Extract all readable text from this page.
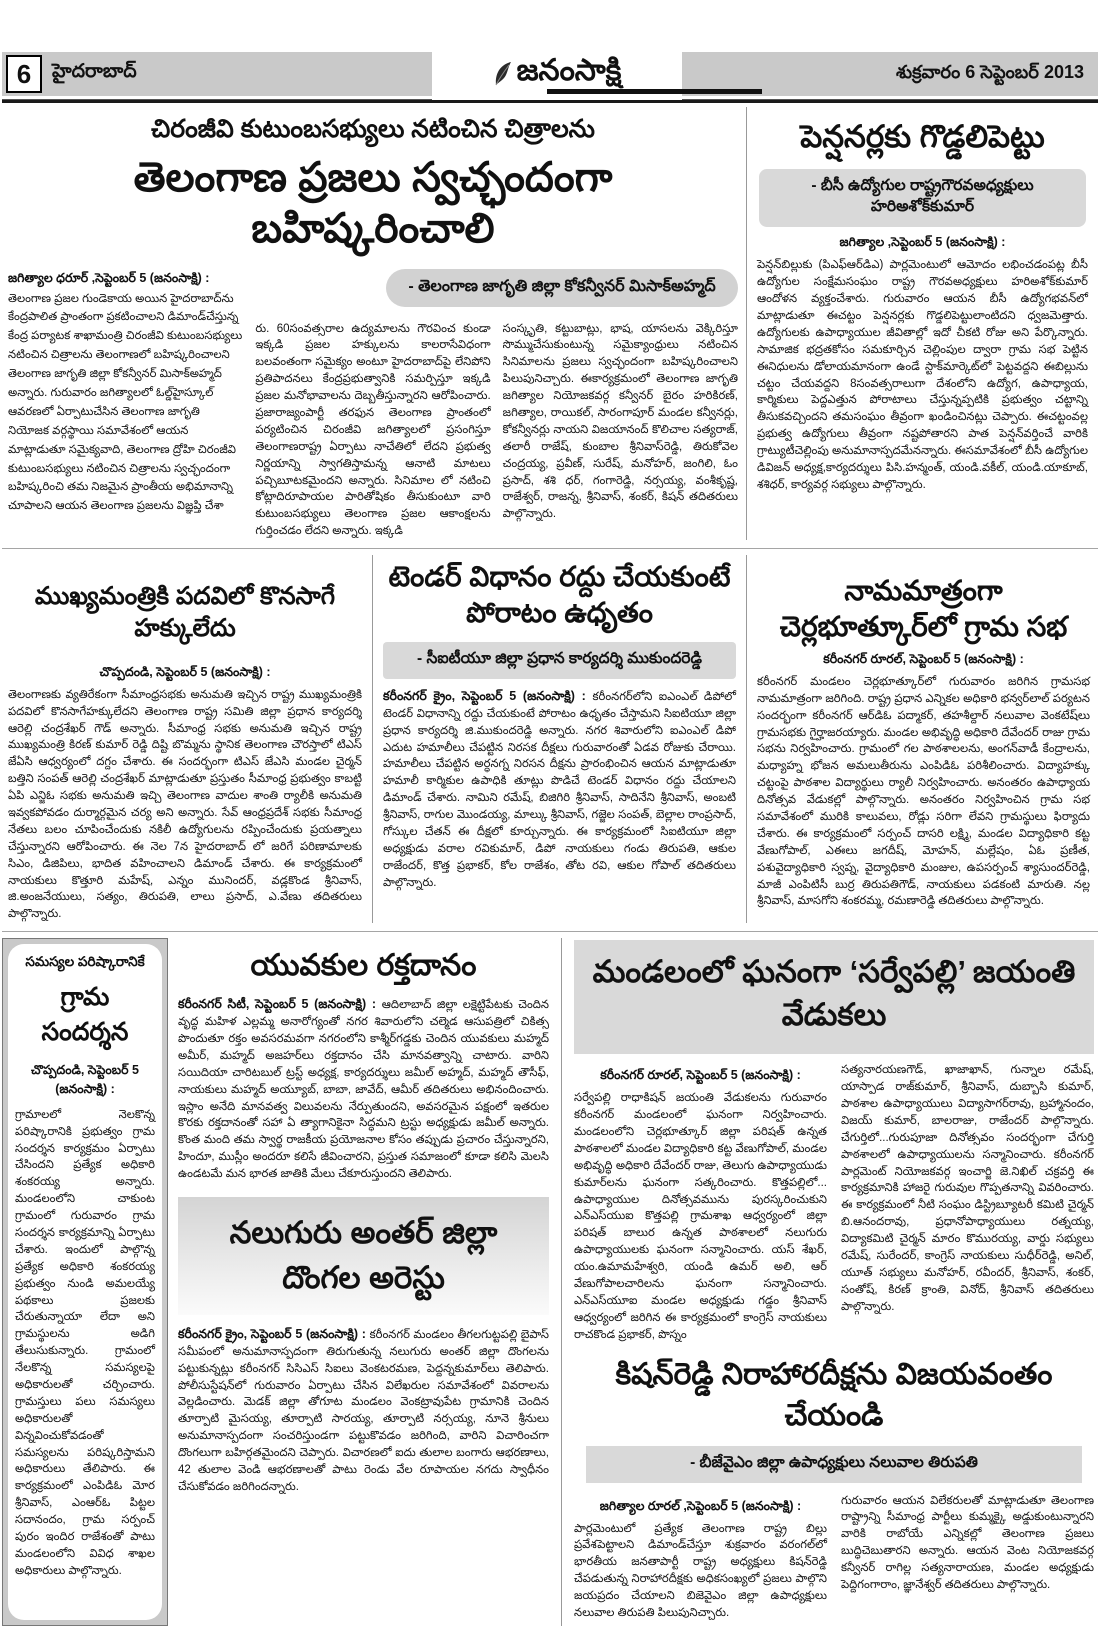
6	హైదరాబాద్	జనంసాక్షి	శుక్రవారం 6 సెప్టెంబర్ 2013
చిరంజీవి కుటుంబసభ్యులు నటించిన చిత్రాలను
తెలంగాణ ప్రజలు స్వచ్ఛందంగా బహిష్కరించాలి
- తెలంగాణ జాగృతి జిల్లా కోకన్వీనర్ మిసాక్‌అహ్మద్
జగిత్యాల ధరూర్ ,సెప్టెంబర్ 5 (జనంసాక్షి) : తెలంగాణ ప్రజల గుండెకాయ అయిన హైదరాబాద్‌ను కేంద్రపాలిత ప్రాంతంగా ప్రకటించాలని డిమాండ్‌చేస్తున్న కేంద్ర పర్యాటక శాఖామంత్రి చిరంజీవి కుటుంబసభ్యులు నటించిన చిత్రాలను తెలంగాణలో బహిష్కరించాలని తెలంగాణ జాగృతి జిల్లా కోకన్వీనర్ మిసాక్‌అహ్మద్ అన్నారు. గురువారం జగిత్యాలలో ఓల్డ్‌హైస్కూల్ ఆవరణలో ఏర్పాటుచేసిన తెలంగాణ జాగృతి నియోజక వర్గస్థాయి సమావేశంలో ఆయన మాట్లాడుతూ సమైక్యవాది, తెలంగాణ ద్రోహి చిరంజీవి కుటుంబసభ్యులు నటించిన చిత్రాలను స్వచ్ఛందంగా బహిష్కరించి తమ నిజమైన ప్రాంతీయ అభిమానాన్ని చూపాలని ఆయన తెలంగాణ ప్రజలను విజ్ఞప్తి చేశా
రు. 60సంవత్సరాల ఉద్యమాలను గౌరవించ కుండా ఇక్కడి ప్రజల హక్కులను కాలరాసేవిధంగా బలవంతంగా సమైక్యం అంటూ హైదరాబాద్‌పై లేనిపోని ప్రతిపాదనలు కేంద్రప్రభుత్వానికి సమర్పిస్తూ ఇక్కడి ప్రజల మనోభావాలను దెబ్బతీస్తున్నారని ఆరోపించారు. ప్రజారాజ్యంపార్టీ తరఫున తెలంగాణ ప్రాంతంలో పర్యటించిన చిరంజీవి జగిత్యాలలో ప్రసంగిస్తూ తెలంగాణరాష్ట్ర ఏర్పాటు నాచేతిలో లేదని ప్రభుత్వ నిర్ణయాన్ని స్వాగతిస్తామన్న ఆనాటి మాటలు పచ్చిబూటకమైందని అన్నారు. సినిమాల లో నటించి కోట్లాదిరూపాయల పారితోషికం తీసుకుంటూ వారి కుటుంబసభ్యులు తెలంగాణ ప్రజల ఆకాంక్షలను గుర్తించడం లేదని అన్నారు. ఇక్కడి
సంస్కృతి, కట్టుబాట్లు, భాష, యాసలను వెక్కిరిస్తూ సొమ్ముచేసుకుంటున్న సమైక్యాంధ్రులు నటించిన సినిమాలను ప్రజలు స్వచ్ఛందంగా బహిష్కరించాలని పిలుపునిచ్చారు. ఈకార్యక్రమంలో తెలంగాణ జాగృతి జగిత్యాల నియోజకవర్గ కన్వీనర్ బైరం హరికిరణ్, జగిత్యాల, రాయికల్, సారంగాపూర్ మండల కన్వీనర్లు, కోకన్వీనర్లు నాయని విజయానంద్ కొలిచాల సత్యరాజ్, తలారీ రాజేష్, కుంబాల శ్రీనివాస్‌రెడ్డి, తిరుకోవెల చంద్రయ్య, ప్రవీణ్, సురేష్, మనోహర్, జంగిలి, ఓం ప్రసాద్, శశి ధర్, గంగారెడ్డి, నర్సయ్య, వంశీకృష్ణ, రాజేశ్వర్, రాజన్న, శ్రీనివాస్, శంకర్, కిషన్ తదితరులు పాల్గొన్నారు.
పెన్షనర్లకు గొడ్డలిపెట్టు
- బీసీ ఉద్యోగుల రాష్ట్రగౌరవఅధ్యక్షులు హరిఅశోక్‌కుమార్
జగిత్యాల ,సెప్టెంబర్ 5 (జనంసాక్షి) :
పెన్షన్‌బిల్లుకు (పిఎఫ్ఆర్‌డిఎ) పార్లమెంటులో ఆమోదం లభించడంపట్ల బీసీ ఉద్యోగుల సంక్షేమసంఘం రాష్ట్ర గౌరవఅధ్యక్షులు హరిఅశోక్‌కుమార్ ఆందోళన వ్యక్తంచేశారు. గురువారం ఆయన బీసీ ఉద్యోగభవన్‌లో మాట్లాడుతూ ఈచట్టం పెన్షనర్లకు గొడ్డలిపెట్టులాంటిదని ధ్వజమెత్తారు. ఉద్యోగులకు ఉపాధ్యాయుల జీవితాల్లో ఇదో చీకటి రోజు అని పేర్కొన్నారు. సామాజిక భద్రతకోసం సమకూర్చిన చెల్లింపుల ద్వారా గ్రామ సభ పెట్టిన ఈనిధులను డోలాయమానంగా ఉండే స్టాక్‌మార్కెట్‌లో పెట్టవద్దని ఈబిల్లును చట్టం చేయవద్దని 8సంవత్సరాలుగా దేశంలోని ఉద్యోగ, ఉపాధ్యాయ, కార్మికులు పెద్దఎత్తున పోరాటాలు చేస్తున్నప్పటికి ప్రభుత్వం చట్టాన్ని తీసుకవచ్చిందని తమసంఘం తీవ్రంగా ఖండించినట్లు చెప్పారు. ఈచట్టంవల్ల ప్రభుత్వ ఉద్యోగులు తీవ్రంగా నష్టపోతారని పాత పెన్షన్‌వర్తించే వారికి గ్రాట్యుటీచెల్లింపు అనుమానాస్పదమేనన్నారు. ఈసమావేశంలో బీసీ ఉద్యోగుల డివిజన్ అధ్యక్ష,కార్యదర్శులు పిసి.హన్మంత్, యండి.వకీల్, యండి.యాకూబ్, శశిధర్, కార్యవర్గ సభ్యులు పాల్గొన్నారు.
ముఖ్యమంత్రికి పదవిలో కొనసాగే హక్కులేదు
చొప్పదండి, సెప్టెంబర్ 5 (జనంసాక్షి) :
తెలంగాణకు వ్యతిరేకంగా సీమాంధ్రసభకు అనుమతి ఇచ్చిన రాష్ట్ర ముఖ్యమంత్రికి పదవిలో కొనసాగేహక్కులేదని తెలంగాణ రాష్ట్ర సమితి జిల్లా ప్రధాన కార్యదర్శి ఆరెల్లి చంద్రశేఖర్ గౌడ్ అన్నారు. సీమాంధ్ర సభకు అనుమతి ఇచ్చిన రాష్ట్ర ముఖ్యమంత్రి కిరణ్ కుమార్ రెడ్డి దిష్టి బొమ్మను స్థానిక తెలంగాణ చౌరస్తాలో టిఎస్ జేఏసి ఆధ్వర్యంలో దగ్దం చేశారు. ఈ సందర్భంగా టిఎస్ జేఎసి మండల చైర్మన్ బత్తిని సంపత్ ఆరెల్లి చంద్రశేఖర్ మాట్లాడుతూ ప్రస్తుతం సీమాంధ్ర ప్రభుత్వం కాబట్టి ఏపి ఎన్జిఓ సభకు అనుమతి ఇచ్చి తెలంగాణ వాదుల శాంతి ర్యాలీకి అనుమతి ఇవ్వకపోవడం దుర్మార్గమైన చర్య అని అన్నారు. సేవ్ ఆంధ్రప్రదేశ్ సభకు సీమాంధ్ర నేతలు బలం చూపించేందుకు నకిలీ ఉద్యోగులను రప్పించేందుకు ప్రయత్నాలు చేస్తున్నారని ఆరోపించారు. ఈ నెల 7న హైదరాబాద్ లో జరిగే పరిణామాలకు సిఎం, డిజిపిలు, భాదిత వహించాలని డిమాండ్ చేశారు. ఈ కార్యక్రమంలో నాయకులు కొత్తూరి మహేష్, ఎన్నం మునిందర్, వడ్లకొండ శ్రీనివాస్, జి.అంజనేయులు, సత్యం, తిరుపతి, లాలు ప్రసాద్, ఎ.వేణు తదితరులు పాల్గొన్నారు.
టెండర్ విధానం రద్దు చేయకుంటే
పోరాటం ఉధృతం
- సీఐటీయూ జిల్లా ప్రధాన కార్యదర్శి ముకుందరెడ్డి
కరీంనగర్ క్రైం, సెప్టెంబర్ 5 (జనంసాక్షి) : కరీంనగర్‌లోని ఐఎంఎల్ డిపోలో టెండర్ విధానాన్ని రద్దు చేయకుంటే పోరాటం ఉధృతం చేస్తామని సిఐటియూ జిల్లా ప్రధాన కార్యదర్శి జి.ముకుందరెడ్డి అన్నారు. నగర శివారులోని ఐఎంఎల్ డిపో ఎదుట హమాలీలు చేపట్టిన నిరసక దీక్షలు గురువారంతో ఏడవ రోజుకు చేరాయి. హమాలీలు చేపట్టిన అర్ధనగ్న నిరసన దీక్షను ప్రారంభించిన ఆయన మాట్లాడుతూ హమాలీ కార్మికుల ఉపాధికి తూట్లు పొడిచే టెండర్ విధానం రద్దు చేయాలని డిమాండ్ చేశారు. నామిని రమేష్, బిజిగిరి శ్రీనివాస్, సాదినేని శ్రీనివాస్, అంబటి శ్రీనివాస్, రాగుల మొండయ్య, మాల్కు శ్రీనివాస్, గజ్జెల సంపత్, బెల్లాల రాంప్రసాద్, గోస్కుల చేతన్ ఈ దీక్షలో కూర్చున్నారు. ఈ కార్యక్రమంలో సిఐటియూ జిల్లా అధ్యక్షుడు వరాల రవికుమార్, డిపో నాయకులు గండు తిరుపతి, ఆకుల రాజేందర్, కొత్త ప్రభాకర్, కోల రాజేశం, తోట రవి, ఆకుల గోపాల్ తదితరులు పాల్గొన్నారు.
నామమాత్రంగా చెర్లభూత్కూర్‌లో గ్రామ సభ
కరీంనగర్ రూరల్, సెప్టెంబర్ 5 (జనంసాక్షి) :
కరీంనగర్ మండలం చెర్లభూత్కూర్‌లో గురువారం జరిగిన గ్రామసభ నామమాత్రంగా జరిగింది. రాష్ట్ర ప్రధాన ఎన్నికల అధికారి భన్వర్‌లాల్ పర్యటన సందర్భంగా కరీంనగర్ ఆర్‌డిఓ పద్మాకర్, తహశీల్దార్ నలువాల వెంకటేష్‌లు గ్రామసభకు గైర్హాజరయ్యారు. మండల అభివృద్ధి అధికారి దేవేందర్ రాజు గ్రామ సభను నిర్వహించారు. గ్రామంలో గల పాఠశాలలను, అంగన్‌వాడీ కేంద్రాలను, మధ్యాహ్న భోజన అమలుతీరును ఎంపిడిఓ పరిశీలించారు. విద్యాహక్కు చట్టంపై పాఠశాల విద్యార్థులు ర్యాలీ నిర్వహించారు. అనంతరం ఉపాధ్యాయ దినోత్సవ వేడుకల్లో పాల్గొన్నారు. అనంతరం నిర్వహించిన గ్రామ సభ సమావేశంలో మురికి కాలువలు, రోడ్లు సరిగా లేవని గ్రామస్థులు ఫిర్యాదు చేశారు. ఈ కార్యక్రమంలో సర్పంచ్ దాసరి లక్ష్మి, మండల విద్యాధికారి కట్ట వేణుగోపాల్, ఎఈలు జగదీష్, మోహన్, మల్లేషం, ఏఓ ప్రణీత, పశువైద్యాధికారి స్వప్న, వైద్యాధికారి మంజుల, ఉపసర్పంచ్ శ్యాసుందర్‌రెడ్డి, మాజీ ఎంపిటిసీ బుర్ర తిరుపతిగౌడ్, నాయకులు పడకంటి మారుతి. నల్ల శ్రీనివాస్, మాసగోని శంకరమ్మ, రమణారెడ్డి తదితరులు పాల్గొన్నారు.
సమస్యల పరిష్కారానికే
గ్రామ సందర్శన
చొప్పదండి, సెప్టెంబర్ 5
(జనంసాక్షి) :
గ్రామాలలో నెలకొన్న పరిష్కారానికి ప్రభుత్వం గ్రామ సందర్శన కార్యక్రమం ఏర్పాటు చేసిందని ప్రత్యేక అధికారి శంకరయ్య అన్నారు. మండలంలోని చాకుంట గ్రామంలో గురువారం గ్రామ సందర్శన కార్యక్రమాన్ని ఏర్పాటు చేశారు. ఇందులో పాల్గొన్న ప్రత్యేక అధికారి శంకరయ్య ప్రభుత్వం నుండి అమలయ్యే పథకాలు ప్రజలకు చేరుతున్నాయా లేదా అని గ్రామస్థులను అడిగి తేలుసుకున్నారు. గ్రామంలో నేలకొన్న సమస్యలపై అధికారులతో చర్చించారు. గ్రామస్తులు పలు సమస్యలు అధికారులతో విన్నవించుకోవడంతో సమస్యలను పరిష్కరిస్తామని అధికారులు తేలిపారు. ఈ కార్యక్రమంలో ఎంపిడిఓ మోర శ్రీనివాస్, ఎంఆర్ఓ పిట్టల సదానందం, గ్రామ సర్పంచ్ పురం ఇందిర రాజేశంతో పాటు మండలంలోని వివిధ శాఖల అధికారులు పాల్గొన్నారు.
యువకుల రక్తదానం
కరీంనగర్ సిటీ, సెప్టెంబర్ 5 (జనంసాక్షి) : ఆదిలాబాద్ జిల్లా లక్షెట్టిపేటకు చెందిన వృద్ధ మహిళ ఎల్లమ్మ అనారోగ్యంతో నగర శివారులోని చల్మెడ ఆసుపత్రిలో చికిత్స పొందుతూ రక్తం అవసరమవగా నగరంలోని కాశ్మీర్‌గడ్డకు చెందిన యువకులు మహ్మద్ అమీర్, మహ్మద్ అజహర్‌లు రక్తదానం చేసి మానవత్వాన్ని చాటారు. వారిని సయిదియా చారిటబుల్ ట్రస్ట్ అధ్యక్ష, కార్యదర్శులు జమీల్ అహ్మద్, మహ్మద్ తౌసీఫ్, నాయకులు మహ్మద్ అయ్యూబ్, బాబా, జావేద్, ఆమీర్ తదితరులు అభినందించారు. ఇస్లాం అనేది మానవత్వ విలువలను నేర్పుతుందని, అవసరమైన పక్షంలో ఇతరుల కొరకు రక్తదానంతో సహా ఏ త్యాగానికైనా సిద్ధమని ట్రస్టు అధ్యక్షుడు జమీల్ అన్నారు. కొంత మంది తమ స్వార్థ రాజకీయ ప్రయోజనాల కోసం తప్పుడు ప్రచారం చేస్తున్నారని, హిందూ, ముస్లీం అందరూ కలిసే జీవించారని, ప్రస్తుత సమాజంలో కూడా కలిసి మెలసి ఉండటమే మన భారత జాతికి మేలు చేకూరుస్తుందని తెలిపారు.
నలుగురు అంతర్ జిల్లా
దొంగల అరెస్టు
కరీంనగర్ క్రైం, సెప్టెంబర్ 5 (జనంసాక్షి) : కరీంనగర్ మండలం తీగలగుట్టపల్లి బైపాస్ సమీపంలో అనుమానాస్పదంగా తిరుగుతున్న నలుగురు అంతర్ జిల్లా దొంగలను పట్టుకున్నట్లు కరీంనగర్ సిసిఎస్ సిఐలు వెంకటరమణ, పెద్దన్నకుమార్‌లు తెలిపారు. పోలీసుస్టేషన్‌లో గురువారం ఏర్పాటు చేసిన విలేఖరుల సమావేశంలో వివరాలను వెల్లడించారు. మెడక్ జిల్లా తోగూట మండలం వెంకట్రావుపేట గ్రామానికి చెందిన తూర్పాటి మైసయ్య, తూర్పాటి సారయ్య, తూర్పాటి నర్సయ్య, నూనె శ్రీనులు అనుమానాస్పదంగా సంచరిస్తుండగా పట్టుకొవడం జరిగింది, వారిని విచారించగా దొంగలుగా బహిర్గతమైందని చెప్పారు. విచారణలో ఐదు తులాల బంగారు ఆభరణాలు, 42 తులాల వెండి ఆభరణాలతో పాటు రెండు వేల రూపాయల నగదు స్వాధీనం చేసుకోవడం జరిగిందన్నారు.
మండలంలో ఘనంగా ‘సర్వేపల్లి’ జయంతి వేడుకలు
కరీంనగర్ రూరల్, సెప్టెంబర్ 5 (జనంసాక్షి) :
సర్వేపల్లి రాధాకిషన్ జయంతి వేడుకలను గురువారం కరీంనగర్ మండలంలో ఘనంగా నిర్వహించారు. మండలంలోని చెర్లభూత్కూర్ జిల్లా పరిషత్ ఉన్నత పాఠశాలలో మండల విద్యాధికారి కట్ట వేణుగోపాల్, మండల అభివృద్ధి అధికారి దేవేందర్ రాజు, తెలుగు ఉపాధ్యాయుడు కుమార్‌లను ఘనంగా సత్కరించారు. కొత్తపల్లిలో... ఉపాధ్యాయుల దినోత్సవమును పురస్కరించుకుని ఎన్‌ఎస్‌యుఐ కొత్తపల్లి గ్రామశాఖ ఆధ్వర్యంలో జిల్లా పరిషత్ బాలుర ఉన్నత పాఠశాలలో నలుగురు ఉపాధ్యాయులకు ఘనంగా సన్మానించారు. యస్ శేఖర్, యం.ఉమామహేశ్వరి, యండి ఉమర్ అలి, ఆర్ వేణుగోపాలచారిలను ఘనంగా సన్మానించారు. ఎన్‌ఎస్‌యూఐ మండల అధ్యక్షుడు గడ్డం శ్రీనివాస్ ఆధ్వర్యంలో జరిగిన ఈ కార్యక్రమంలో కాంగ్రెస్ నాయకులు రాచకొండ ప్రభాకర్, పొస్నం
సత్యనారయణగౌడ్, ఖాజాఖాన్, గున్నాల రమేష్, యాస్పాడ రాజ్‌కుమార్, శ్రీనివాస్, దుబ్బాసి కుమార్, పాఠశాల ఉపాధ్యాయులు విద్యాసాగర్‌రావు, బ్రహ్మానందం, విజయ్ కుమార్, బాలరాజు, రాజేందర్ పాల్గొన్నారు. చేగుర్తిలో...గురుపూజా దినోత్సవం సందర్భంగా చేగుర్తి పాఠశాలలో ఉపాధ్యాయులను సన్మానించారు. కరీంనగర్ పార్లమెంట్ నియోజకవర్గ ఇంచార్జి జె.నిఖిల్ చక్రవర్తి ఈ కార్యక్రమానికి హాజరై గురువుల గొప్పతనాన్ని వివరించారు. ఈ కార్యక్రమంలో నీటి సంఘం డిస్ట్రిబ్యూటరీ కమిటి చైర్మన్ బి.ఆనందరావు, ప్రధానోపాధ్యాయులు రత్నయ్య, విద్యాకమిటి చైర్మన్ మారం కొమురయ్య, వార్డు సభ్యులు రమేష్, సురేందర్, కాంగ్రెస్ నాయకులు సుధీర్‌రెడ్డి, అనిల్, యూత్ సభ్యులు మనోహర్, రవీందర్, శ్రీనివాస్, శంకర్, సంతోష్, కిరణ్ క్రాంతి, వినోద్, శ్రీనివాస్ తదితరులు పాల్గొన్నారు.
కిషన్‌రెడ్డి నిరాహారదీక్షను విజయవంతం చేయండి
- బీజేవైఎం జిల్లా ఉపాధ్యక్షులు నలువాల తిరుపతి
జగిత్యాల రూరల్ ,సెప్టెంబర్ 5 (జనంసాక్షి) :
పార్లమెంటులో ప్రత్యేక తెలంగాణ రాష్ట్ర బిల్లు ప్రవేశపెట్టాలని డిమాండ్‌చేస్తూ శుక్రవారం వరంగల్‌లో భారతీయ జనతాపార్టీ రాష్ట్ర అధ్యక్షులు కిషన్‌రెడ్డి చేపడుతున్న నిరాహారదీక్షకు అధికసంఖ్యలో ప్రజలు పాల్గొని జయప్రదం చేయాలని బిజెవైఎం జిల్లా ఉపాధ్యక్షులు నలువాల తిరుపతి పిలుపునిచ్చారు.
గురువారం ఆయన విలేకరులతో మాట్లాడుతూ తెలంగాణ రాష్ట్రాన్ని సీమాంధ్ర పార్టీలు కుమ్మక్కై అడ్డుకుంటున్నారని వారికి రాబోయే ఎన్నికల్లో తెలంగాణ ప్రజలు బుద్ధిచెబుతారని అన్నారు. ఆయన వెంట నియోజకవర్గ కన్వీనర్ రాగిల్ల సత్యనారాయణ, మండల అధ్యక్షుడు పెద్దిగంగారాం, జ్ఞానేశ్వర్ తదితరులు పాల్గొన్నారు.
